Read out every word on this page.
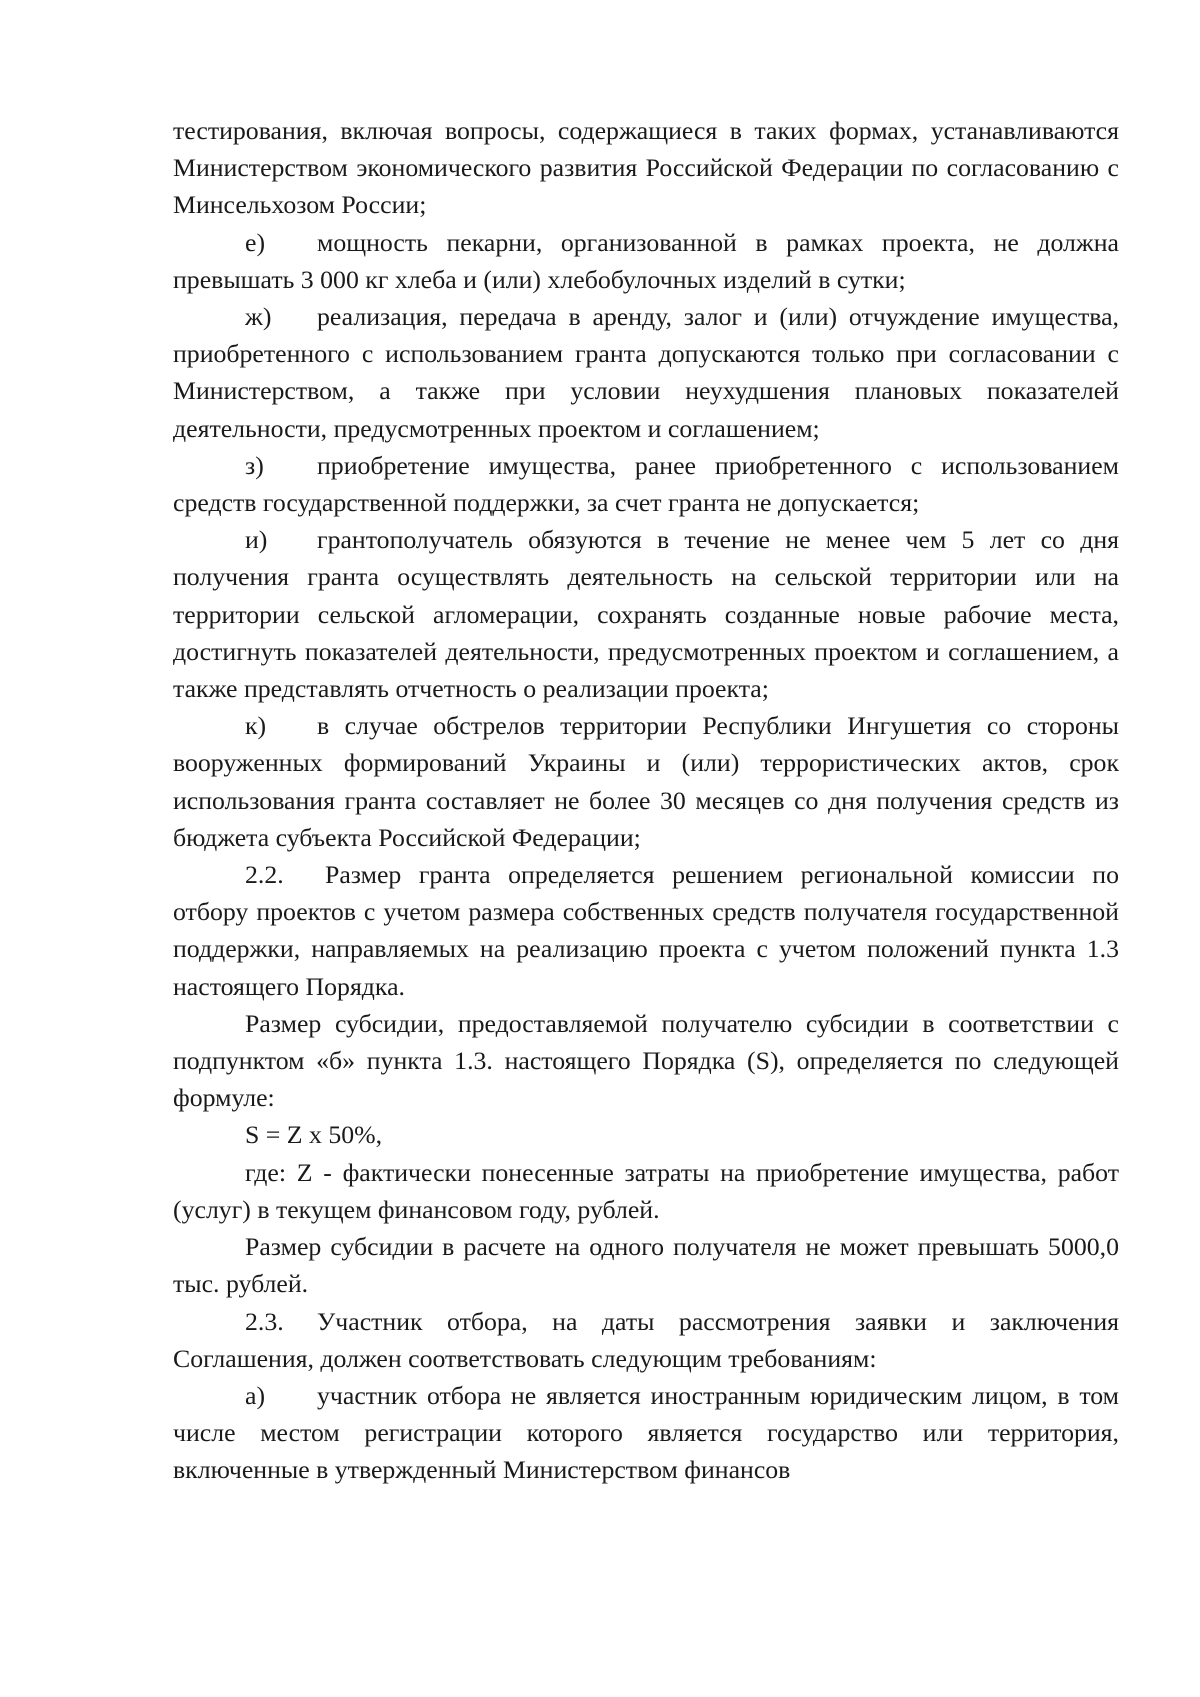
тестирования, включая вопросы, содержащиеся в таких формах, устанавливаются Министерством экономического развития Российской Федерации по согласованию с Минсельхозом России;

е) мощность пекарни, организованной в рамках проекта, не должна превышать 3 000 кг хлеба и (или) хлебобулочных изделий в сутки;

ж) реализация, передача в аренду, залог и (или) отчуждение имущества, приобретенного с использованием гранта допускаются только при согласовании с Министерством, а также при условии неухудшения плановых показателей деятельности, предусмотренных проектом и соглашением;

з) приобретение имущества, ранее приобретенного с использованием средств государственной поддержки, за счет гранта не допускается;

и) грантополучатель обязуются в течение не менее чем 5 лет со дня получения гранта осуществлять деятельность на сельской территории или на территории сельской агломерации, сохранять созданные новые рабочие места, достигнуть показателей деятельности, предусмотренных проектом и соглашением, а также представлять отчетность о реализации проекта;

к) в случае обстрелов территории Республики Ингушетия со стороны вооруженных формирований Украины и (или) террористических актов, срок использования гранта составляет не более 30 месяцев со дня получения средств из бюджета субъекта Российской Федерации;

2.2. Размер гранта определяется решением региональной комиссии по отбору проектов с учетом размера собственных средств получателя государственной поддержки, направляемых на реализацию проекта с учетом положений пункта 1.3 настоящего Порядка.

Размер субсидии, предоставляемой получателю субсидии в соответствии с подпунктом «б» пункта 1.3. настоящего Порядка (S), определяется по следующей формуле:

S = Z x 50%,

где: Z - фактически понесенные затраты на приобретение имущества, работ (услуг) в текущем финансовом году, рублей.

Размер субсидии в расчете на одного получателя не может превышать 5000,0 тыс. рублей.

2.3. Участник отбора, на даты рассмотрения заявки и заключения Соглашения, должен соответствовать следующим требованиям:

а) участник отбора не является иностранным юридическим лицом, в том числе местом регистрации которого является государство или территория, включенные в утвержденный Министерством финансов
